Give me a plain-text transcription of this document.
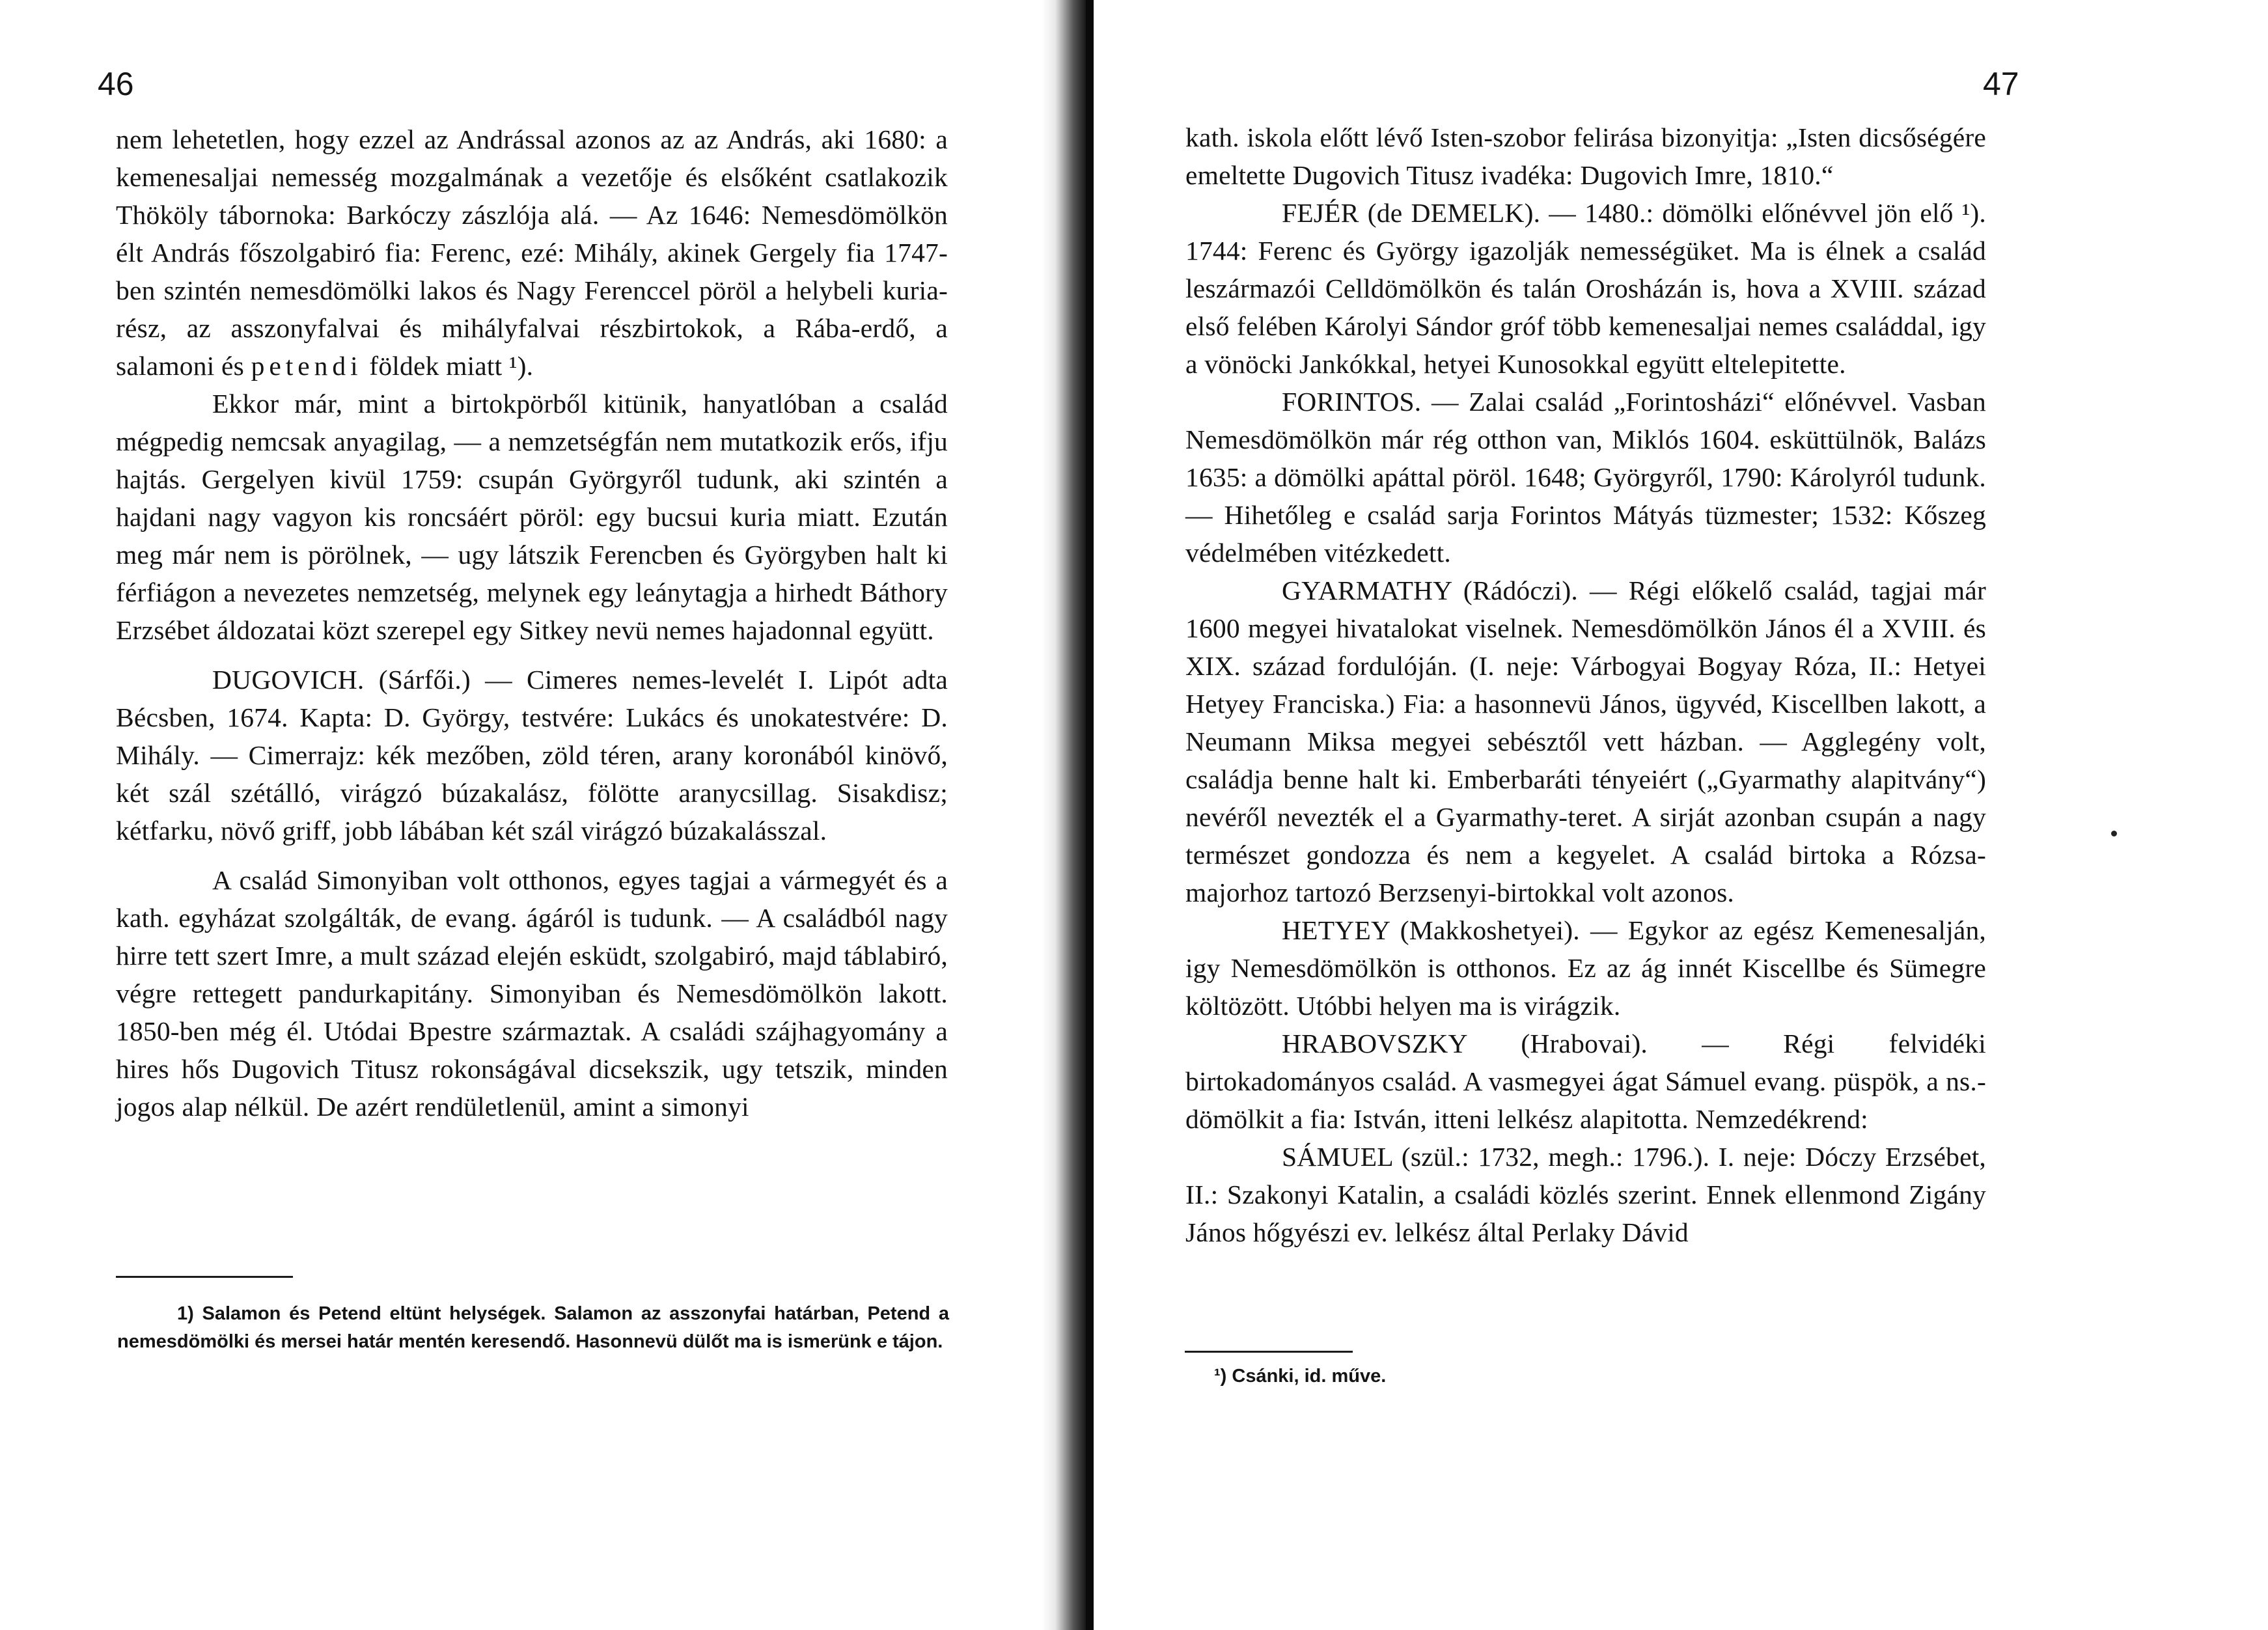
46

nem lehetetlen, hogy ezzel az Andrással azonos az az András, aki 1680: a kemenesaljai nemesség mozgalmának a vezetője és elsőként csatlakozik Thököly tábornoka: Barkóczy zászlója alá. — Az 1646: Nemesdömölkön élt András főszolgabiró fia: Ferenc, ezé: Mihály, akinek Gergely fia 1747-ben szintén nemesdömölki lakos és Nagy Ferenccel pöröl a helybeli kuria-rész, az asszonyfalvai és mihályfalvai részbirtokok, a Rába-erdő, a salamoni és petendi földek miatt ¹).

Ekkor már, mint a birtokpörből kitünik, hanyatlóban a család mégpedig nemcsak anyagilag, — a nemzetségfán nem mutatkozik erős, ifju hajtás. Gergelyen kivül 1759: csupán Györgyről tudunk, aki szintén a hajdani nagy vagyon kis roncsáért pöröl: egy bucsui kuria miatt. Ezután meg már nem is pörölnek, — ugy látszik Ferencben és Györgyben halt ki férfiágon a nevezetes nemzetség, melynek egy leánytagja a hirhedt Báthory Erzsébet áldozatai közt szerepel egy Sitkey nevü nemes hajadonnal együtt.

DUGOVICH. (Sárfői.) — Cimeres nemes-levelét I. Lipót adta Bécsben, 1674. Kapta: D. György, testvére: Lukács és unokatestvére: D. Mihály. — Cimerrajz: kék mezőben, zöld téren, arany koronából kinövő, két szál szétálló, virágzó búzakalász, fölötte aranycsillag. Sisakdisz; kétfarku, növő griff, jobb lábában két szál virágzó búzakalásszal.

A család Simonyiban volt otthonos, egyes tagjai a vármegyét és a kath. egyházat szolgálták, de evang. ágáról is tudunk. — A családból nagy hirre tett szert Imre, a mult század elején esküdt, szolgabiró, majd táblabiró, végre rettegett pandurkapitány. Simonyiban és Nemesdömölkön lakott. 1850-ben még él. Utódai Bpestre származtak. A családi szájhagyomány a hires hős Dugovich Titusz rokonságával dicsekszik, ugy tetszik, minden jogos alap nélkül. De azért rendületlenül, amint a simonyi

1) Salamon és Petend eltünt helységek. Salamon az asszonyfai határban, Petend a nemesdömölki és mersei határ mentén keresendő. Hasonnevü dülőt ma is ismerünk e tájon.

47

kath. iskola előtt lévő Isten-szobor felirása bizonyitja: „Isten dicsőségére emeltette Dugovich Titusz ivadéka: Dugovich Imre, 1810.“

FEJÉR (de DEMELK). — 1480.: dömölki előnévvel jön elő ¹). 1744: Ferenc és György igazolják nemességüket. Ma is élnek a család leszármazói Celldömölkön és talán Orosházán is, hova a XVIII. század első felében Károlyi Sándor gróf több kemenesaljai nemes családdal, igy a vönöcki Jankókkal, hetyei Kunosokkal együtt eltelepitette.

FORINTOS. — Zalai család „Forintosházi“ előnévvel. Vasban Nemesdömölkön már rég otthon van, Miklós 1604. esküttülnök, Balázs 1635: a dömölki apáttal pöröl. 1648; Györgyről, 1790: Károlyról tudunk. — Hihetőleg e család sarja Forintos Mátyás tüzmester; 1532: Kőszeg védelmében vitézkedett.

GYARMATHY (Rádóczi). — Régi előkelő család, tagjai már 1600 megyei hivatalokat viselnek. Nemesdömölkön János él a XVIII. és XIX. század fordulóján. (I. neje: Várbogyai Bogyay Róza, II.: Hetyei Hetyey Franciska.) Fia: a hasonnevü János, ügyvéd, Kiscellben lakott, a Neumann Miksa megyei sebésztől vett házban. — Agglegény volt, családja benne halt ki. Emberbaráti tényeiért („Gyarmathy alapitvány“) nevéről nevezték el a Gyarmathy-teret. A sirját azonban csupán a nagy természet gondozza és nem a kegyelet. A család birtoka a Rózsa-majorhoz tartozó Berzsenyi-birtokkal volt azonos.

HETYEY (Makkoshetyei). — Egykor az egész Kemenesalján, igy Nemesdömölkön is otthonos. Ez az ág innét Kiscellbe és Sümegre költözött. Utóbbi helyen ma is virágzik.

HRABOVSZKY (Hrabovai). — Régi felvidéki birtokadományos család. A vasmegyei ágat Sámuel evang. püspök, a ns.-dömölkit a fia: István, itteni lelkész alapitotta. Nemzedékrend:

SÁMUEL (szül.: 1732, megh.: 1796.). I. neje: Dóczy Erzsébet, II.: Szakonyi Katalin, a családi közlés szerint. Ennek ellenmond Zigány János hőgyészi ev. lelkész által Perlaky Dávid

¹) Csánki, id. műve.
